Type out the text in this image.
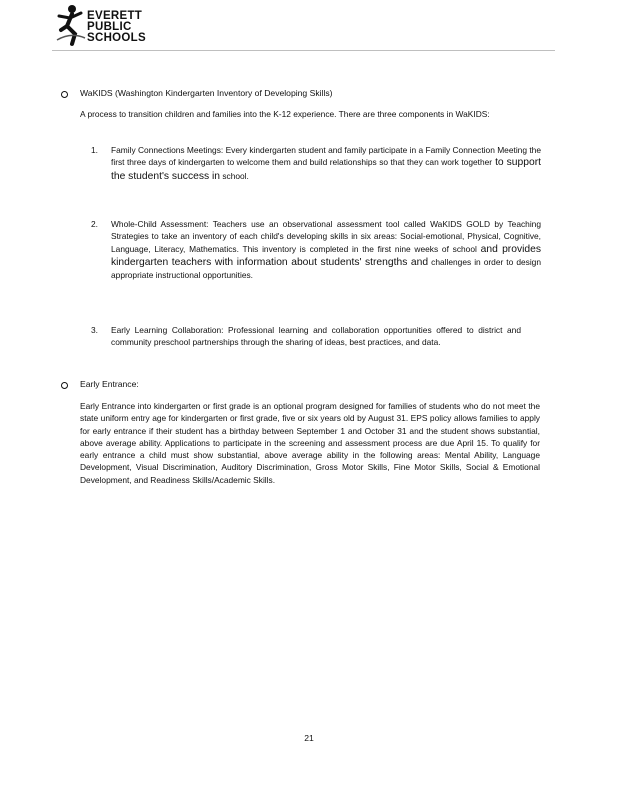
EVERETT
PUBLIC
SCHOOLS
WaKIDS (Washington Kindergarten Inventory of Developing Skills)
A process to transition children and families into the K-12 experience. There are three components in WaKIDS:
1. Family Connections Meetings: Every kindergarten student and family participate in a Family Connection Meeting the first three days of kindergarten to welcome them and build relationships so that they can work together to support the student's success in school.
2. Whole-Child Assessment: Teachers use an observational assessment tool called WaKIDS GOLD by Teaching Strategies to take an inventory of each child's developing skills in six areas: Social-emotional, Physical, Cognitive, Language, Literacy, Mathematics. This inventory is completed in the first nine weeks of school and provides kindergarten teachers with information about students' strengths and challenges in order to design appropriate instructional opportunities.
3. Early Learning Collaboration: Professional learning and collaboration opportunities offered to district and community preschool partnerships through the sharing of ideas, best practices, and data.
Early Entrance:
Early Entrance into kindergarten or first grade is an optional program designed for families of students who do not meet the state uniform entry age for kindergarten or first grade, five or six years old by August 31. EPS policy allows families to apply for early entrance if their student has a birthday between September 1 and October 31 and the student shows substantial, above average ability. Applications to participate in the screening and assessment process are due April 15. To qualify for early entrance a child must show substantial, above average ability in the following areas: Mental Ability, Language Development, Visual Discrimination, Auditory Discrimination, Gross Motor Skills, Fine Motor Skills, Social & Emotional Development, and Readiness Skills/Academic Skills.
21
